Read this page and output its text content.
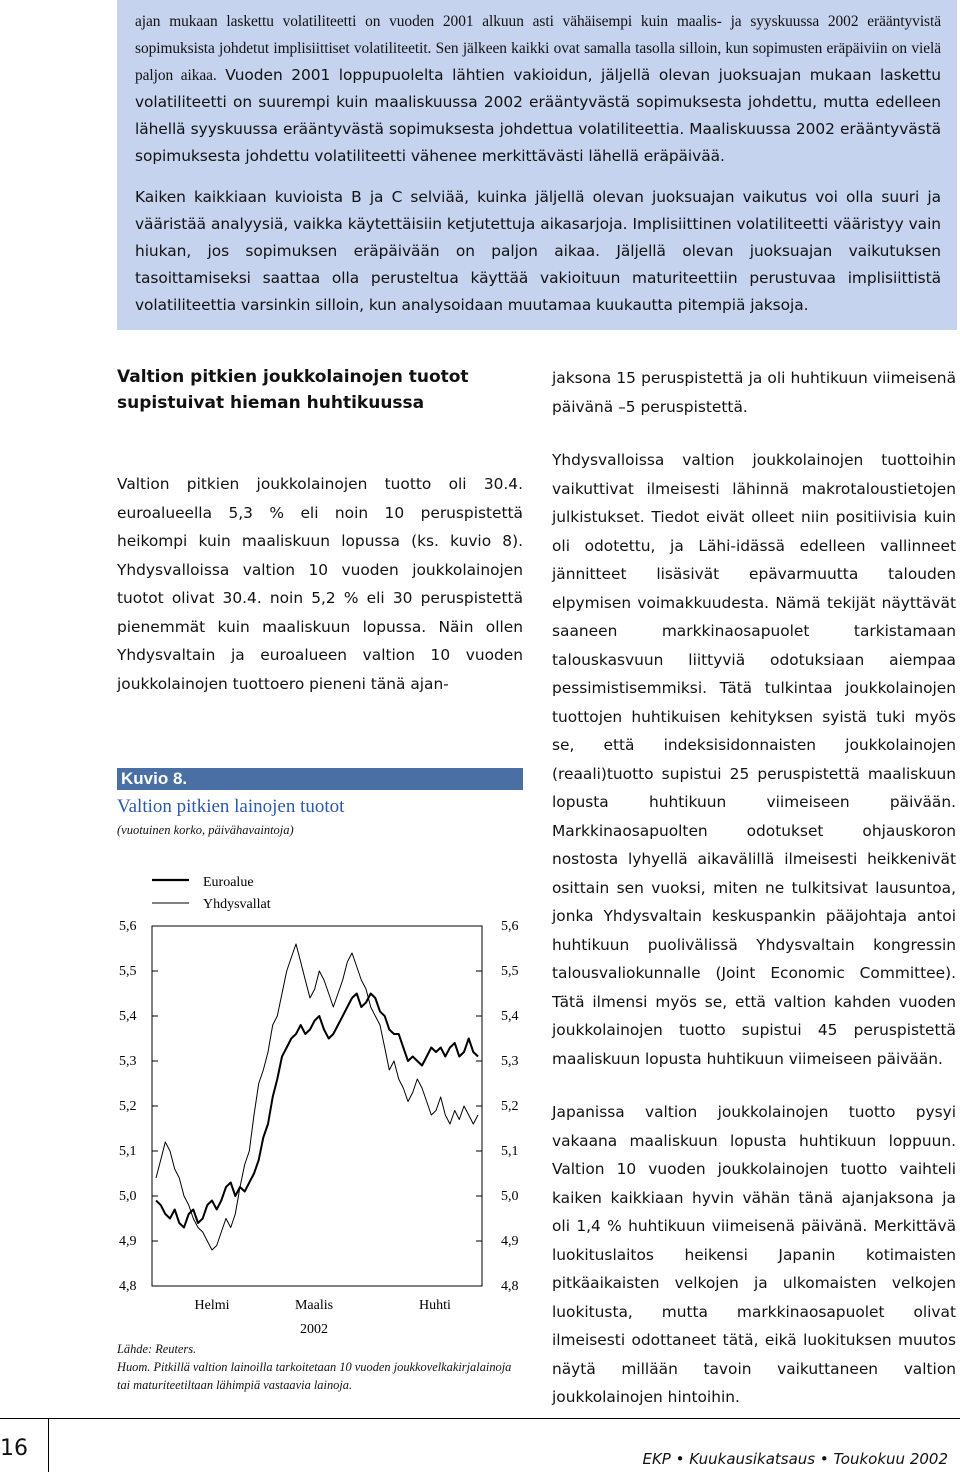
ajan mukaan laskettu volatiliteetti on vuoden 2001 alkuun asti vähäisempi kuin maalis- ja syyskuussa 2002 erääntyvistä sopimuksista johdetut implisiittiset volatiliteetit. Sen jälkeen kaikki ovat samalla tasolla silloin, kun sopimusten eräpäiviin on vielä paljon aikaa. Vuoden 2001 loppupuolelta lähtien vakioidun, jäljellä olevan juoksuajan mukaan laskettu volatiliteetti on suurempi kuin maaliskuussa 2002 erääntyvästä sopimuksesta johdettu, mutta edelleen lähellä syyskuussa erääntyvästä sopimuksesta johdettua volatiliteettia. Maaliskuussa 2002 erääntyvästä sopimuksesta johdettu volatiliteetti vähenee merkittävästi lähellä eräpäivää.

Kaiken kaikkiaan kuvioista B ja C selviää, kuinka jäljellä olevan juoksuajan vaikutus voi olla suuri ja vääristää analyysiä, vaikka käytettäisiin ketjutettuja aikasarjoja. Implisiittinen volatiliteetti vääristyy vain hiukan, jos sopimuksen eräpäivään on paljon aikaa. Jäljellä olevan juoksuajan vaikutuksen tasoittamiseksi saattaa olla perusteltua käyttää vakioituun maturiteettiin perustuvaa implisiittistä volatiliteettia varsinkin silloin, kun analysoidaan muutamaa kuukautta pitempiä jaksoja.

Valtion pitkien joukkolainojen tuotot supistuivat hieman huhtikuussa

Valtion pitkien joukkolainojen tuotto oli 30.4. euroalueella 5,3 % eli noin 10 peruspistettä heikompi kuin maaliskuun lopussa (ks. kuvio 8). Yhdysvalloissa valtion 10 vuoden joukkolainojen tuotot olivat 30.4. noin 5,2 % eli 30 peruspistettä pienemmät kuin maaliskuun lopussa. Näin ollen Yhdysvaltain ja euroalueen valtion 10 vuoden joukkolainojen tuottoero pieneni tänä ajan-

Kuvio 8.
Valtion pitkien lainojen tuotot
(vuotuinen korko, päivähavaintoja)
Euroalue
Yhdysvallat
5,6	5,6
5,5	5,5
5,4	5,4
5,3	5,3
5,2	5,2
5,1	5,1
5,0	5,0
4,9	4,9
4,8	4,8
Helmi	Maalis	Huhti
2002
Lähde: Reuters.
Huom. Pitkillä valtion lainoilla tarkoitetaan 10 vuoden joukkovelkakirjalainoja tai maturiteetiltaan lähimpiä vastaavia lainoja.

jaksona 15 peruspistettä ja oli huhtikuun viimeisenä päivänä –5 peruspistettä.

Yhdysvalloissa valtion joukkolainojen tuottoihin vaikuttivat ilmeisesti lähinnä makrotaloustietojen julkistukset. Tiedot eivät olleet niin positiivisia kuin oli odotettu, ja Lähi-idässä edelleen vallinneet jännitteet lisäsivät epävarmuutta talouden elpymisen voimakkuudesta. Nämä tekijät näyttävät saaneen markkinaosapuolet tarkistamaan talouskasvuun liittyviä odotuksiaan aiempaa pessimistisemmiksi. Tätä tulkintaa joukkolainojen tuottojen huhtikuisen kehityksen syistä tuki myös se, että indeksisidonnaisten joukkolainojen (reaali)tuotto supistui 25 peruspistettä maaliskuun lopusta huhtikuun viimeiseen päivään. Markkinaosapuolten odotukset ohjauskoron nostosta lyhyellä aikavälillä ilmeisesti heikkenivät osittain sen vuoksi, miten ne tulkitsivat lausuntoa, jonka Yhdysvaltain keskuspankin pääjohtaja antoi huhtikuun puolivälissä Yhdysvaltain kongressin talousvaliokunnalle (Joint Economic Committee). Tätä ilmensi myös se, että valtion kahden vuoden joukkolainojen tuotto supistui 45 peruspistettä maaliskuun lopusta huhtikuun viimeiseen päivään.

Japanissa valtion joukkolainojen tuotto pysyi vakaana maaliskuun lopusta huhtikuun loppuun. Valtion 10 vuoden joukkolainojen tuotto vaihteli kaiken kaikkiaan hyvin vähän tänä ajanjaksona ja oli 1,4 % huhtikuun viimeisenä päivänä. Merkittävä luokituslaitos heikensi Japanin kotimaisten pitkäaikaisten velkojen ja ulkomaisten velkojen luokitusta, mutta markkinaosapuolet olivat ilmeisesti odottaneet tätä, eikä luokituksen muutos näytä millään tavoin vaikuttaneen valtion joukkolainojen hintoihin.

16	EKP • Kuukausikatsaus • Toukokuu 2002
